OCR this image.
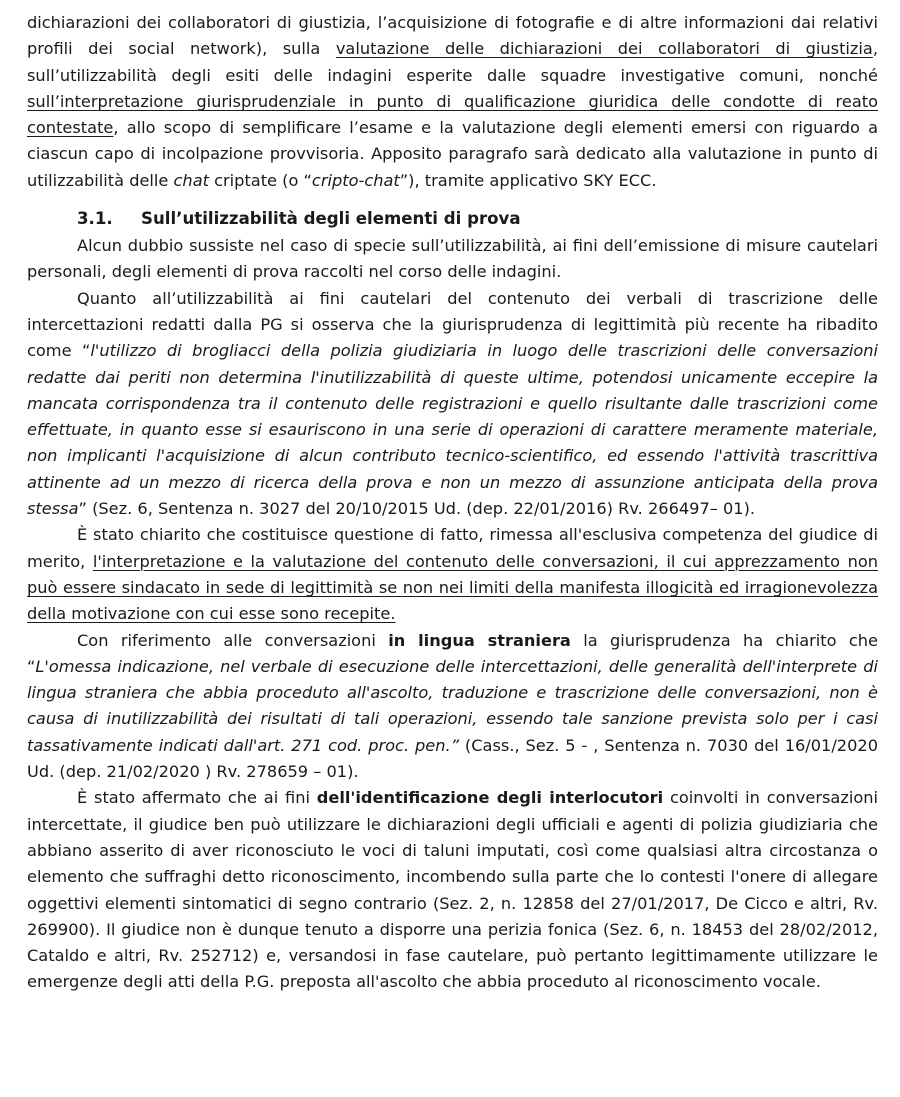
dichiarazioni dei collaboratori di giustizia, l’acquisizione di fotografie e di altre informazioni dai relativi profili dei social network), sulla valutazione delle dichiarazioni dei collaboratori di giustizia, sull’utilizzabilità degli esiti delle indagini esperite dalle squadre investigative comuni, nonché sull’interpretazione giurisprudenziale in punto di qualificazione giuridica delle condotte di reato contestate, allo scopo di semplificare l’esame e la valutazione degli elementi emersi con riguardo a ciascun capo di incolpazione provvisoria. Apposito paragrafo sarà dedicato alla valutazione in punto di utilizzabilità delle chat criptate (o “cripto-chat”), tramite applicativo SKY ECC.

3.1. Sull’utilizzabilità degli elementi di prova

Alcun dubbio sussiste nel caso di specie sull’utilizzabilità, ai fini dell’emissione di misure cautelari personali, degli elementi di prova raccolti nel corso delle indagini.

Quanto all’utilizzabilità ai fini cautelari del contenuto dei verbali di trascrizione delle intercettazioni redatti dalla PG si osserva che la giurisprudenza di legittimità più recente ha ribadito come “l'utilizzo di brogliacci della polizia giudiziaria in luogo delle trascrizioni delle conversazioni redatte dai periti non determina l'inutilizzabilità di queste ultime, potendosi unicamente eccepire la mancata corrispondenza tra il contenuto delle registrazioni e quello risultante dalle trascrizioni come effettuate, in quanto esse si esauriscono in una serie di operazioni di carattere meramente materiale, non implicanti l'acquisizione di alcun contributo tecnico-scientifico, ed essendo l'attività trascrittiva attinente ad un mezzo di ricerca della prova e non un mezzo di assunzione anticipata della prova stessa” (Sez. 6, Sentenza n. 3027 del 20/10/2015 Ud. (dep. 22/01/2016) Rv. 266497– 01).

È stato chiarito che costituisce questione di fatto, rimessa all'esclusiva competenza del giudice di merito, l'interpretazione e la valutazione del contenuto delle conversazioni, il cui apprezzamento non può essere sindacato in sede di legittimità se non nei limiti della manifesta illogicità ed irragionevolezza della motivazione con cui esse sono recepite.

Con riferimento alle conversazioni in lingua straniera la giurisprudenza ha chiarito che “L'omessa indicazione, nel verbale di esecuzione delle intercettazioni, delle generalità dell'interprete di lingua straniera che abbia proceduto all'ascolto, traduzione e trascrizione delle conversazioni, non è causa di inutilizzabilità dei risultati di tali operazioni, essendo tale sanzione prevista solo per i casi tassativamente indicati dall'art. 271 cod. proc. pen.” (Cass., Sez. 5 - , Sentenza n. 7030 del 16/01/2020 Ud. (dep. 21/02/2020 ) Rv. 278659 – 01).

È stato affermato che ai fini dell'identificazione degli interlocutori coinvolti in conversazioni intercettate, il giudice ben può utilizzare le dichiarazioni degli ufficiali e agenti di polizia giudiziaria che abbiano asserito di aver riconosciuto le voci di taluni imputati, così come qualsiasi altra circostanza o elemento che suffraghi detto riconoscimento, incombendo sulla parte che lo contesti l'onere di allegare oggettivi elementi sintomatici di segno contrario (Sez. 2, n. 12858 del 27/01/2017, De Cicco e altri, Rv. 269900). Il giudice non è dunque tenuto a disporre una perizia fonica (Sez. 6, n. 18453 del 28/02/2012, Cataldo e altri, Rv. 252712) e, versandosi in fase cautelare, può pertanto legittimamente utilizzare le emergenze degli atti della P.G. preposta all'ascolto che abbia proceduto al riconoscimento vocale.
